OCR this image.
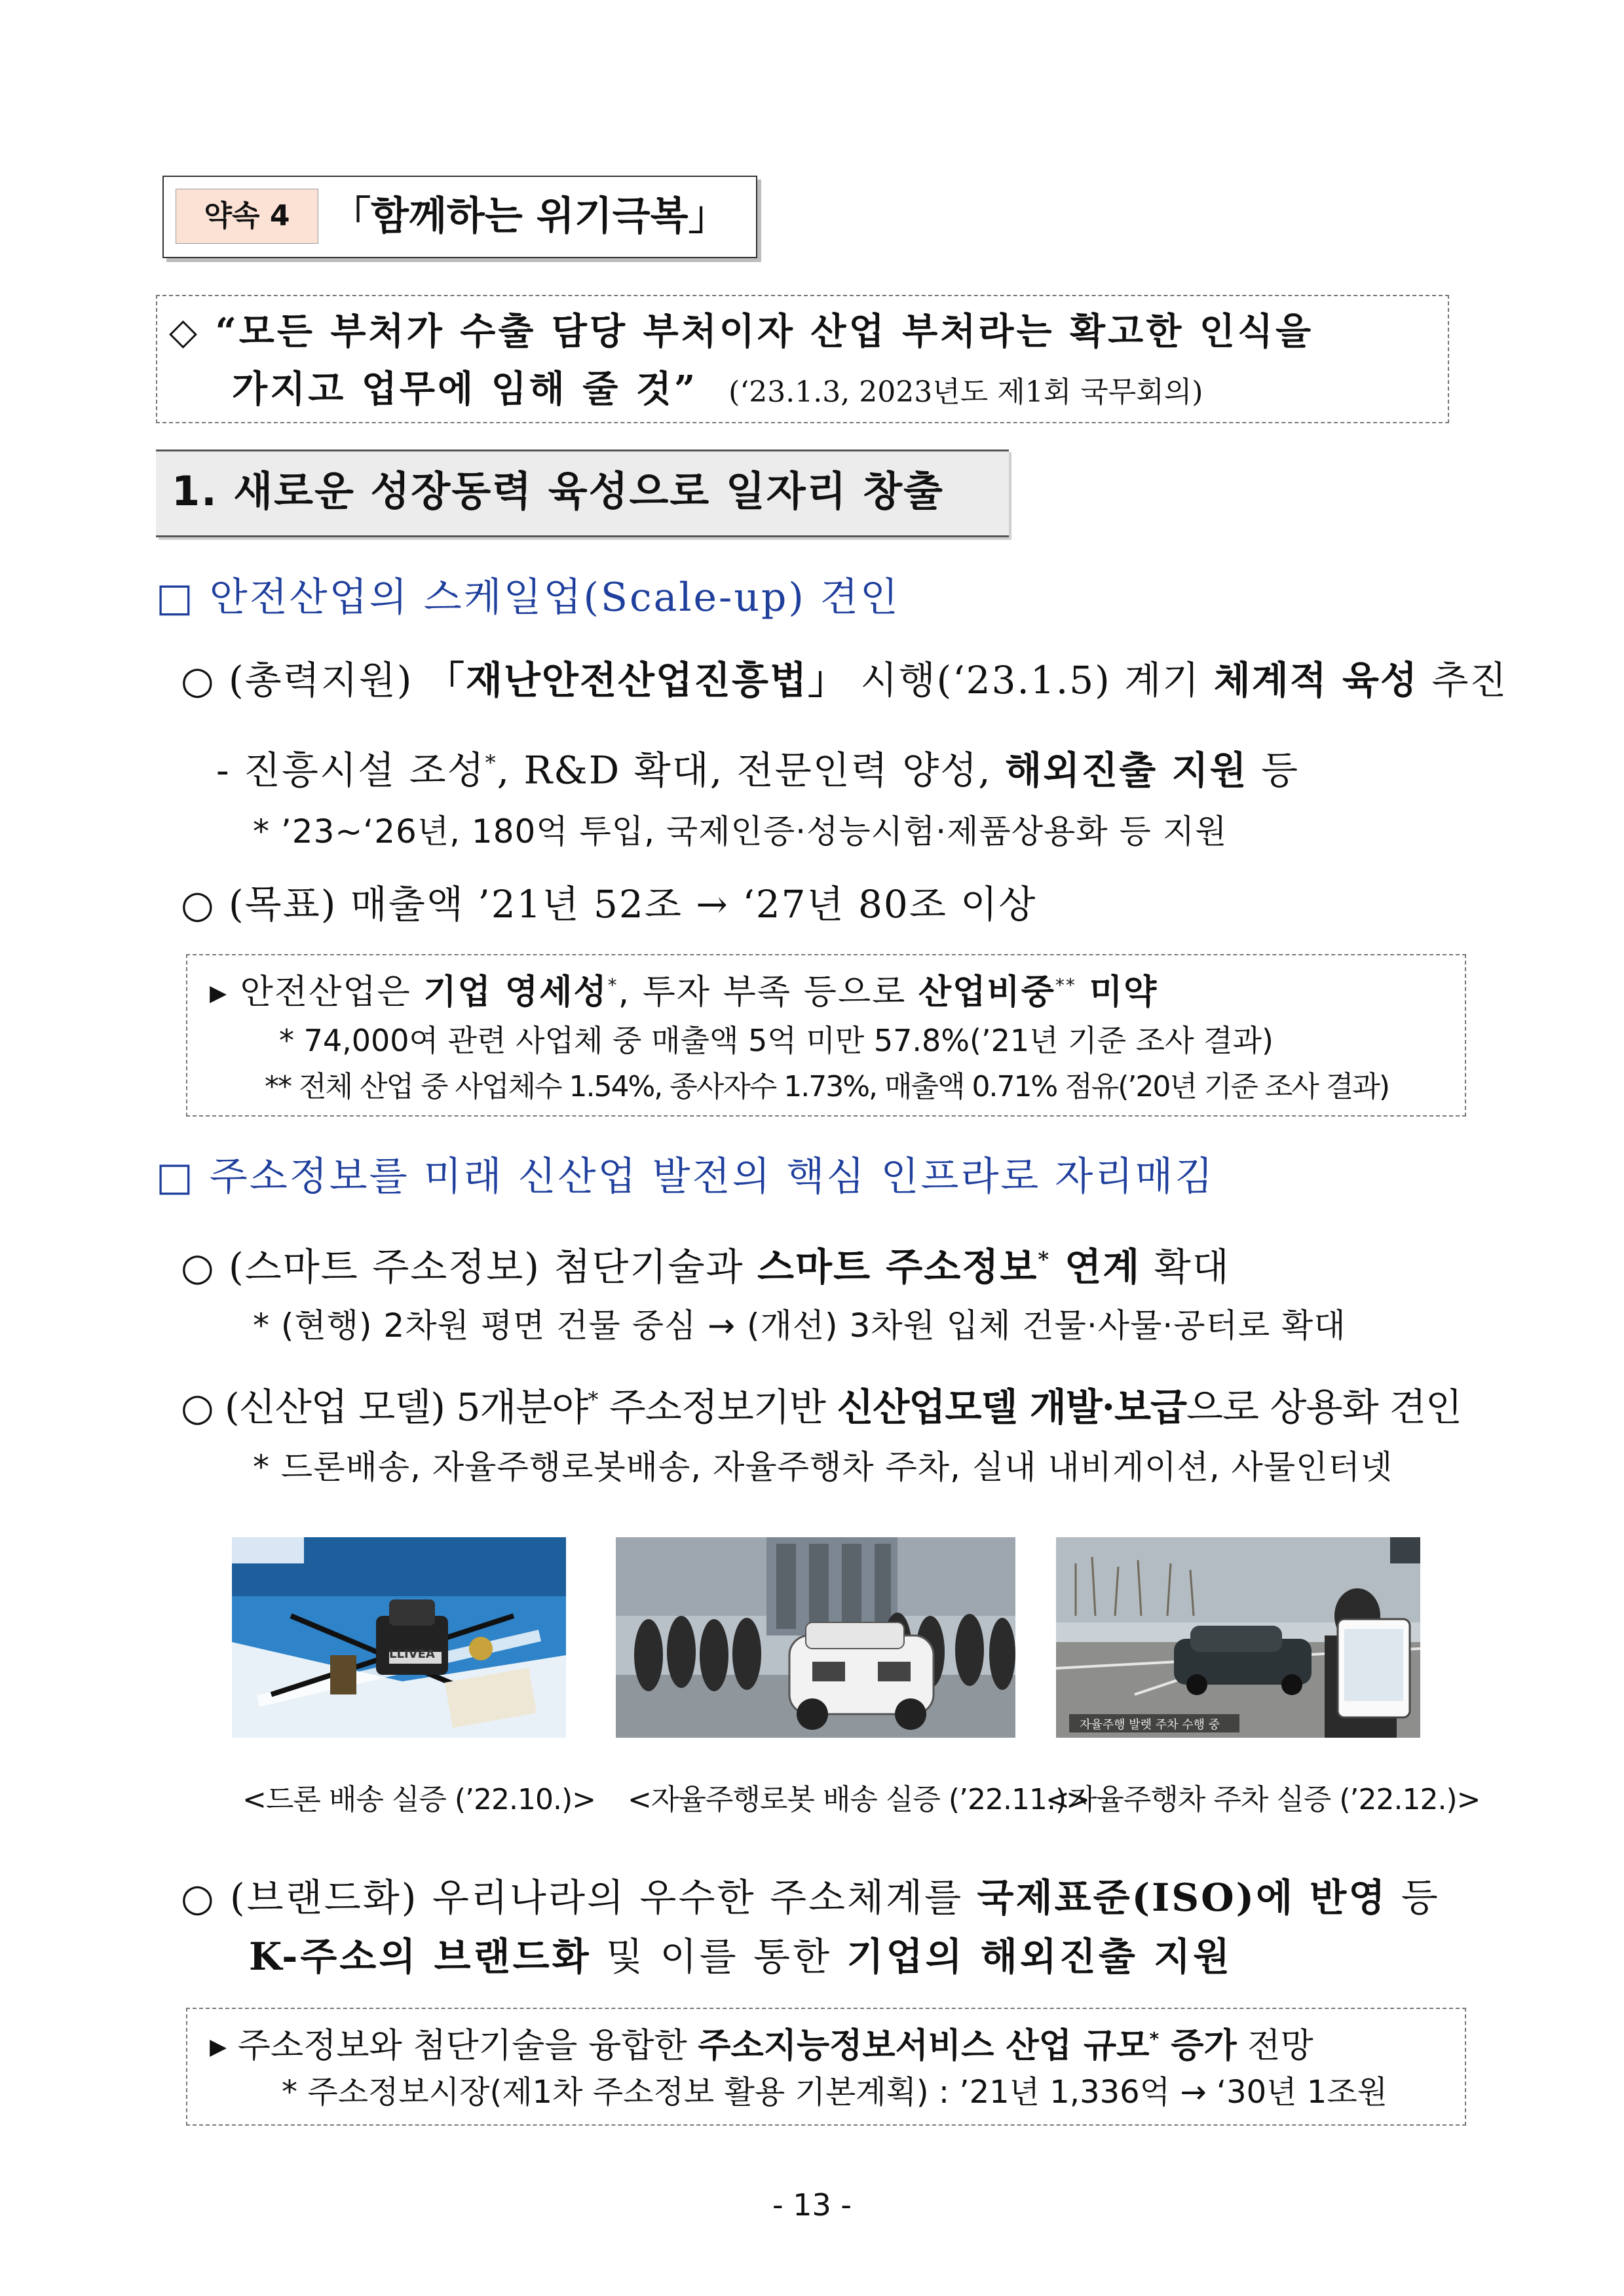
약속 4	「함께하는 위기극복」
◇ “모든 부처가 수출 담당 부처이자 산업 부처라는 확고한 인식을
가지고 업무에 임해 줄 것” (‘23.1.3, 2023년도 제1회 국무회의)
1. 새로운 성장동력 육성으로 일자리 창출
□ 안전산업의 스케일업(Scale-up) 견인
○ (총력지원) 「재난안전산업진흥법」 시행(‘23.1.5) 계기 체계적 육성 추진
- 진흥시설 조성*, R&D 확대, 전문인력 양성, 해외진출 지원 등
* ’23~‘26년, 180억 투입, 국제인증·성능시험·제품상용화 등 지원
○ (목표) 매출액 ’21년 52조 → ‘27년 80조 이상
▸ 안전산업은 기업 영세성*, 투자 부족 등으로 산업비중** 미약
* 74,000여 관련 사업체 중 매출액 5억 미만 57.8%(’21년 기준 조사 결과)
** 전체 산업 중 사업체수 1.54%, 종사자수 1.73%, 매출액 0.71% 점유(’20년 기준 조사 결과)
□ 주소정보를 미래 신산업 발전의 핵심 인프라로 자리매김
○ (스마트 주소정보) 첨단기술과 스마트 주소정보* 연계 확대
* (현행) 2차원 평면 건물 중심 → (개선) 3차원 입체 건물·사물·공터로 확대
○ (신산업 모델) 5개분야* 주소정보기반 신산업모델 개발·보급으로 상용화 견인
* 드론배송, 자율주행로봇배송, 자율주행차 주차, 실내 내비게이션, 사물인터넷
LLIVEA
자율주행 발렛 주차 수행 중
<드론 배송 실증 (’22.10.)> <자율주행로봇 배송 실증 (’22.11.)>
<자율주행차 주차 실증 (’22.12.)>
○ (브랜드화) 우리나라의 우수한 주소체계를 국제표준(ISO)에 반영 등
K-주소의 브랜드화 및 이를 통한 기업의 해외진출 지원
▸ 주소정보와 첨단기술을 융합한 주소지능정보서비스 산업 규모* 증가 전망
* 주소정보시장(제1차 주소정보 활용 기본계획) : ’21년 1,336억 → ‘30년 1조원
- 13 -
